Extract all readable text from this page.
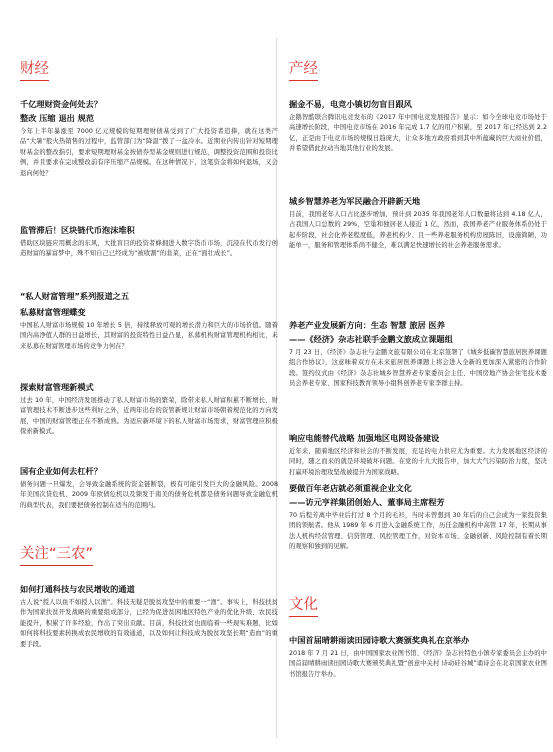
财经
千亿理财资金何处去？
整改 压缩 退出 规范
今年上半年暴涨至 7000 亿元规模的短期理财债基受到了广大投资者追捧，就在这类产品“大暑”般火热销售的过程中，监管部门为“降温”拨了一盆冷水。近期业内传出针对短期理财基金的整改指引，要求短期理财基金按债券型基金规则进行规范，调整投资范围和投资比例，并且要求在完成整改前有序压缩产品规模。在这种情况下，这笔资金将如何退场，又会退向何处？
监管滞后！区块链代币泡沫堆积
借助区块链应用概念的东风，大批盲目的投资者蜂拥进入数字货币市场，沉浸在代币发行创造财富的暴富梦中，殊不知自己已经成为“被收割”的韭菜，正在“面壮成长”。
“私人财富管理”系列报道之五
私募财富管理蝶变
中国私人财富市场规模 10 年增长 5 倍，持续释放可观的增长潜力和巨大的市场价值。随着国内高净值人群的日益增长，其财富的投资特性日益凸显，私募机构财富管理机构相比，未来私募在财富管理市场的竞争力何在？
探索财富管理新模式
过去 10 年，中国经济发展推动了私人财富市场的繁荣，除带来私人财富积累不断增长、财富管理技术不断进步这些利好之外，近两年出台的资管新规让财富市场朝着规范化的方向发展，中国的财富管理正在不断成熟。为适应新环境下的私人财富市场需求，财富管理应积极探索新模式。
国有企业如何去杠杆？
债务问题一旦爆发，会导致金融系统的资金链断裂，极有可能引发巨大的金融风险。2008 年美国次贷危机、2009 年欧债危机以及频发于南美的债务危机都是债务问题导致金融危机的典型代表，我们要把债务控制在适当的范围内。
关注“三农”
如何打通科技与农民增收的通道
古人说“授人以鱼不如授人以渔”。科技无疑是脱贫攻坚中的重要一“渔”。事实上，科技扶贫作为国家扶贫开发战略的重要组成部分，已经为促进贫困地区特色产业的优化升级、农民技能提升，积累了许多经验，作出了突出贡献。目前，科技扶贫也面临着一些现实难题，比如如何将科技要素转换成农民增收的有效通道，以及如何让科技成为脱贫攻坚长期“造血”的重要手段。
产经
掘金不易，电竞小镇切勿盲目跟风
企鹅智酷联合腾讯电竞发布的《2017 年中国电竞发展报告》显示：如今全球电竞市场处于高速增长阶段，中国电竞市场在 2016 年完成 1.7 亿的用户积累，至 2017 年已经达到 2.2 亿，正是由于电竞市场的规模日趋庞大，让众多地方政府看到其中所蕴藏的巨大商业价值，并希望借此拉动当地其他行业的发展。
城乡智慧养老为军民融合开辟新天地
目前，我国老年人口占比逐步增加，预计到 2035 年我国老年人口数量将达到 4.18 亿人，占我国人口总数的 29%，空巢和独居老人接近 1 亿，然而，我国养老产业服务体系仍处于起步阶段，社会化养老程度低，养老机构少、且一些养老服务机构房屋陈旧，设施简陋，功能单一，服务和管理体系尚不健全，难以满足快速增长的社会养老服务需求。
养老产业发展新方向：生态 智慧 旅居 医养
——《经济》杂志社联手金鹏文旅成立课题组
7 月 23 日，《经济》杂志社与金鹏文旅有限公司在北京签署了《城乡低碳智慧旅居医养课题组合作协议》，这意味着双方在未来旅居医养课题上将会进入全新的更加深入紧密的合作阶段。签约仪式由《经济》杂志社城乡智慧养老专家委员会主任、中国房地产协会住宅技术委员会养老专家、国家科技教育领导小组科创养老专家李群主持。
响应电能替代战略 加强地区电网设备建设
近年来，随着地区经济和社会的不断发展，充足的电力供应尤为重要。大力发展地区经济的同时，随之而来的就是环境破坏问题。在党的十九大报告中，加大大气污染防治力度，坚决打赢环境治理攻坚战被提升为国家战略。
要做百年老店就必须重视企业文化
——访元亨祥集团创始人、董事局主席程芳
70 后程芳离中毕业后打过 8 个月的毛衫，当时未曾想到 30 年后的自己会成为一家投资集团的领航者。他从 1989 年 6 月进入金融系统工作，历任金融机构中高管 17 年，长期从事法人机构经营管理、信贷管理、风控管理工作，对资本市场、金融创新、风险控制有着长期的观察和独到的见解。
文化
中国首届晴耕雨读田园诗歌大赛颁奖典礼在京举办
2018 年 7 月 21 日，由中国国家农业图书馆、《经济》杂志社特色小镇专家委员会主办的中国首届晴耕雨读田园诗歌大赛颁奖典礼暨“创意中关村 诗动硅谷城”诵诗会在北京国家农业图书馆报告厅举办。
